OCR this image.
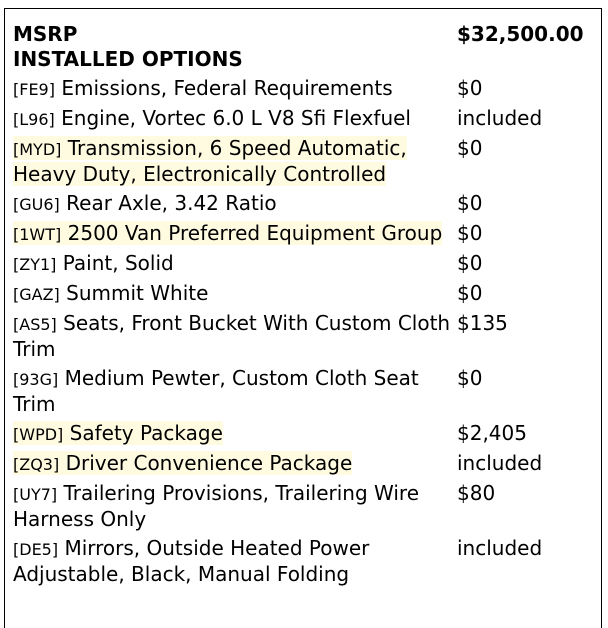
MSRP	$32,500.00
INSTALLED OPTIONS
[FE9] Emissions, Federal Requirements	$0
[L96] Engine, Vortec 6.0 L V8 Sfi Flexfuel	included
[MYD] Transmission, 6 Speed Automatic, Heavy Duty, Electronically Controlled
$0
[GU6] Rear Axle, 3.42 Ratio	$0
[1WT] 2500 Van Preferred Equipment Group $0
[ZY1] Paint, Solid	$0
[GAZ] Summit White	$0
[AS5] Seats, Front Bucket With Custom Cloth Trim
$135
[93G] Medium Pewter, Custom Cloth Seat Trim
$0
[WPD] Safety Package	$2,405
[ZQ3] Driver Convenience Package	included
[UY7] Trailering Provisions, Trailering Wire Harness Only
$80
[DE5] Mirrors, Outside Heated Power Adjustable, Black, Manual Folding
included
